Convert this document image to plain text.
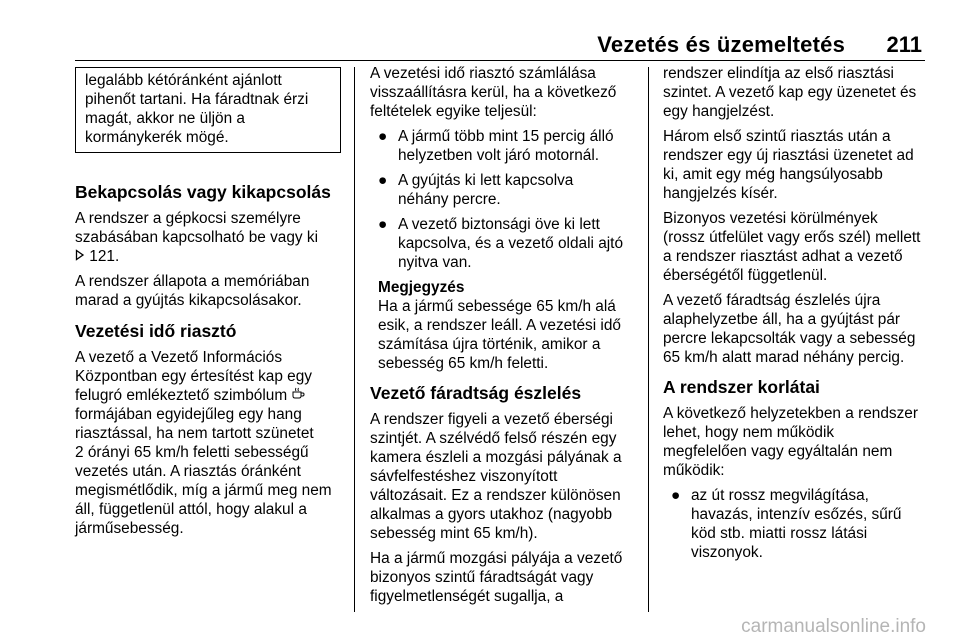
Vezetés és üzemeltetés 211
legalább kétóránként ajánlott
pihenőt tartani. Ha fáradtnak érzi
magát, akkor ne üljön a
kormánykerék mögé.
Bekapcsolás vagy kikapcsolás

A rendszer a gépkocsi személyre
szabásában kapcsolható be vagy ki
121.

A rendszer állapota a memóriában
marad a gyújtás kikapcsolásakor.

Vezetési idő riasztó

A vezető a Vezető Információs
Központban egy értesítést kap egy
felugró emlékeztető szimbólum
formájában egyidejűleg egy hang
riasztással, ha nem tartott szünetet
2 órányi 65 km/h feletti sebességű
vezetés után. A riasztás óránként
megismétlődik, míg a jármű meg nem
áll, függetlenül attól, hogy alakul a
járműsebesség.

A vezetési idő riasztó számlálása
visszaállításra kerül, ha a következő
feltételek egyike teljesül:

● A jármű több mint 15 percig álló
helyzetben volt járó motornál.
● A gyújtás ki lett kapcsolva
néhány percre.
● A vezető biztonsági öve ki lett
kapcsolva, és a vezető oldali ajtó
nyitva van.
Megjegyzés
Ha a jármű sebessége 65 km/h alá
esik, a rendszer leáll. A vezetési idő
számítása újra történik, amikor a
sebesség 65 km/h feletti.
Vezető fáradtság észlelés

A rendszer figyeli a vezető éberségi
szintjét. A szélvédő felső részén egy
kamera észleli a mozgási pályának a
sávfelfestéshez viszonyított
változásait. Ez a rendszer különösen
alkalmas a gyors utakhoz (nagyobb
sebesség mint 65 km/h).

Ha a jármű mozgási pályája a vezető
bizonyos szintű fáradtságát vagy
figyelmetlenségét sugallja, a

rendszer elindítja az első riasztási
szintet. A vezető kap egy üzenetet és
egy hangjelzést.

Három első szintű riasztás után a
rendszer egy új riasztási üzenetet ad
ki, amit egy még hangsúlyosabb
hangjelzés kísér.

Bizonyos vezetési körülmények
(rossz útfelület vagy erős szél) mellett
a rendszer riasztást adhat a vezető
éberségétől függetlenül.

A vezető fáradtság észlelés újra
alaphelyzetbe áll, ha a gyújtást pár
percre lekapcsolták vagy a sebesség
65 km/h alatt marad néhány percig.

A rendszer korlátai

A következő helyzetekben a rendszer
lehet, hogy nem működik
megfelelően vagy egyáltalán nem
működik:

● az út rossz megvilágítása,
havazás, intenzív esőzés, sűrű
köd stb. miatti rossz látási
viszonyok.
carmanualsonline.info
